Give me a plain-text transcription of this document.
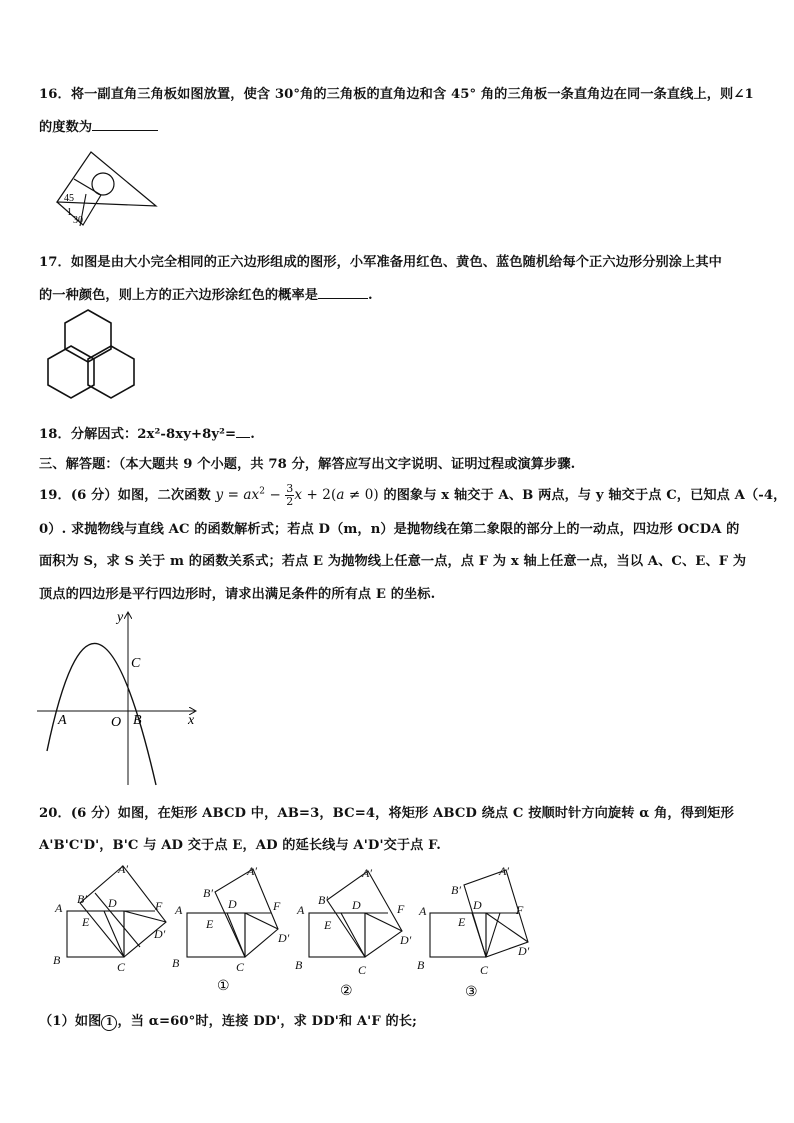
16．将一副直角三角板如图放置，使含 30°角的三角板的直角边和含 45° 角的三角板一条直角边在同一条直线上，则∠1
的度数为
45
1
30
17．如图是由大小完全相同的正六边形组成的图形，小军准备用红色、黄色、蓝色随机给每个正六边形分别涂上其中
的一种颜色，则上方的正六边形涂红色的概率是	.
18．分解因式：2x²-8xy+8y²= .
三、解答题：（本大题共 9 个小题，共 78 分，解答应写出文字说明、证明过程或演算步骤.
19．(6 分）如图，二次函数 $y = ax^2 - \frac{3}{2}$ x + 2(a ≠ 0) 的图象与 x 轴交于 A、B 两点，与 y 轴交于点 C，已知点 A（-4，
0）. 求抛物线与直线 AC 的函数解析式；若点 D（m，n）是抛物线在第二象限的部分上的一动点，四边形 OCDA 的
面积为 S，求 S 关于 m 的函数关系式；若点 E 为抛物线上任意一点，点 F 为 x 轴上任意一点，当以 A、C、E、F 为
顶点的四边形是平行四边形时，请求出满足条件的所有点 E 的坐标.
y
x
C
A	O B
20．(6 分）如图，在矩形 ABCD 中，AB=3，BC=4，将矩形 ABCD 绕点 C 按顺时针方向旋转 α 角，得到矩形
A'B'C'D'，B'C 与 AD 交于点 E，AD 的延长线与 A'D'交于点 F.
A
B	C
D
E
F
A′
B′
D′
A
B	C
D
E
F
A′
B′
D′
①
A
B	C
D
E
F
A′
B′
D′
②
A
B	C
D
E
F
A′
B′
D′
③
（1）如图 1 ，当 α=60°时，连接 DD'，求 DD'和 A'F 的长;
